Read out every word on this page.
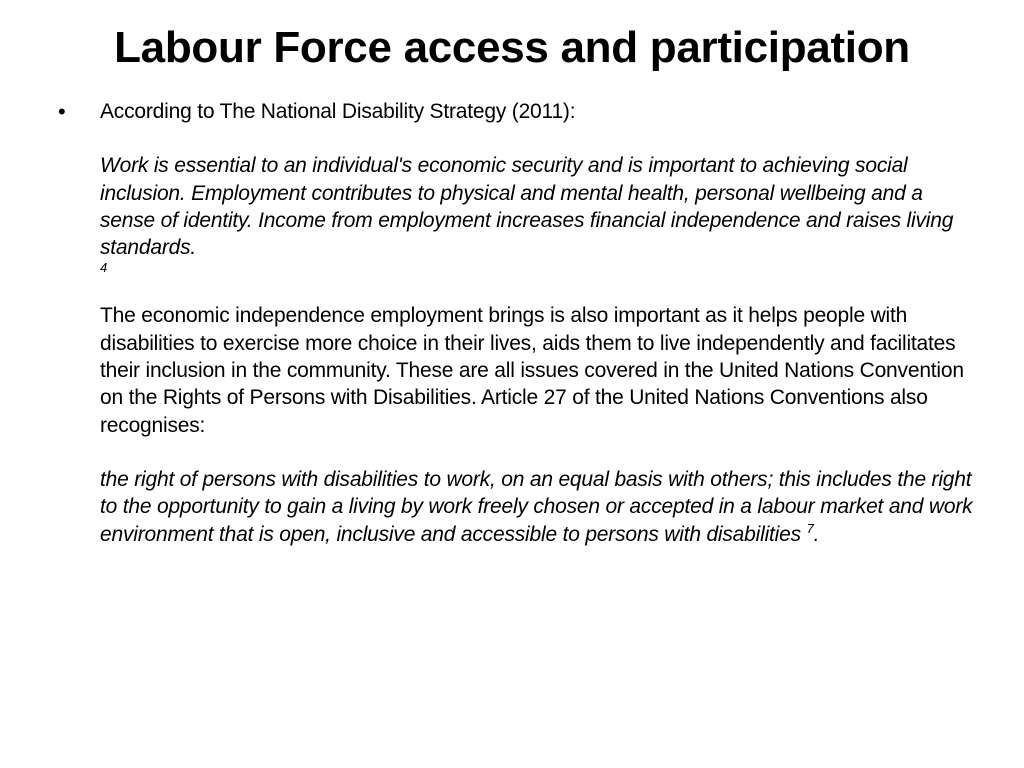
Labour Force access and participation
• According to The National Disability Strategy (2011):

Work is essential to an individual's economic security and is important to achieving social inclusion. Employment contributes to physical and mental health, personal wellbeing and a sense of identity. Income from employment increases financial independence and raises living standards.
4

The economic independence employment brings is also important as it helps people with disabilities to exercise more choice in their lives, aids them to live independently and facilitates their inclusion in the community. These are all issues covered in the United Nations Convention on the Rights of Persons with Disabilities. Article 27 of the United Nations Conventions also recognises:

the right of persons with disabilities to work, on an equal basis with others; this includes the right to the opportunity to gain a living by work freely chosen or accepted in a labour market and work environment that is open, inclusive and accessible to persons with disabilities $^7$.
